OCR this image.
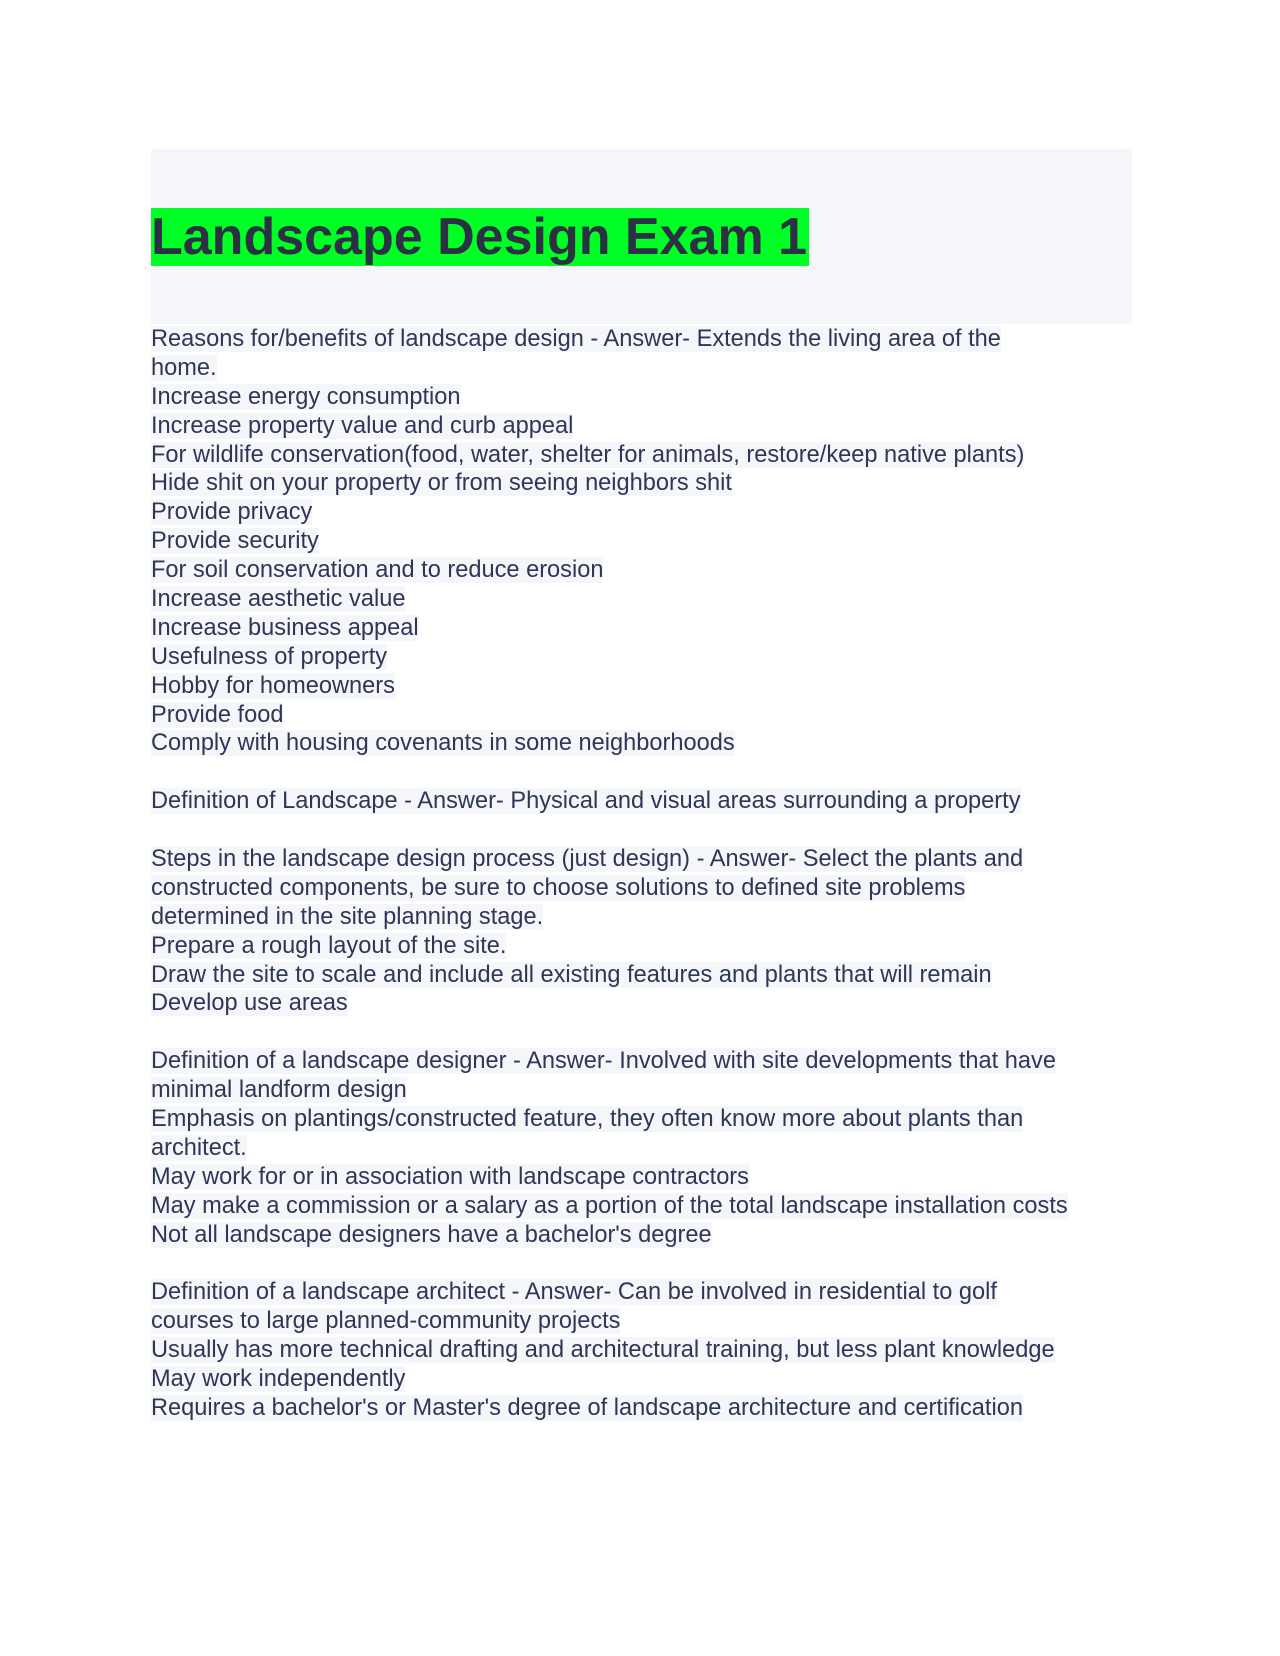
Landscape Design Exam 1
Reasons for/benefits of landscape design - Answer- Extends the living area of the
home.
Increase energy consumption
Increase property value and curb appeal
For wildlife conservation(food, water, shelter for animals, restore/keep native plants)
Hide shit on your property or from seeing neighbors shit
Provide privacy
Provide security
For soil conservation and to reduce erosion
Increase aesthetic value
Increase business appeal
Usefulness of property
Hobby for homeowners
Provide food
Comply with housing covenants in some neighborhoods
Definition of Landscape - Answer- Physical and visual areas surrounding a property
Steps in the landscape design process (just design) - Answer- Select the plants and
constructed components, be sure to choose solutions to defined site problems
determined in the site planning stage.
Prepare a rough layout of the site.
Draw the site to scale and include all existing features and plants that will remain
Develop use areas
Definition of a landscape designer - Answer- Involved with site developments that have
minimal landform design
Emphasis on plantings/constructed feature, they often know more about plants than
architect.
May work for or in association with landscape contractors
May make a commission or a salary as a portion of the total landscape installation costs
Not all landscape designers have a bachelor's degree
Definition of a landscape architect - Answer- Can be involved in residential to golf
courses to large planned-community projects
Usually has more technical drafting and architectural training, but less plant knowledge
May work independently
Requires a bachelor's or Master's degree of landscape architecture and certification
